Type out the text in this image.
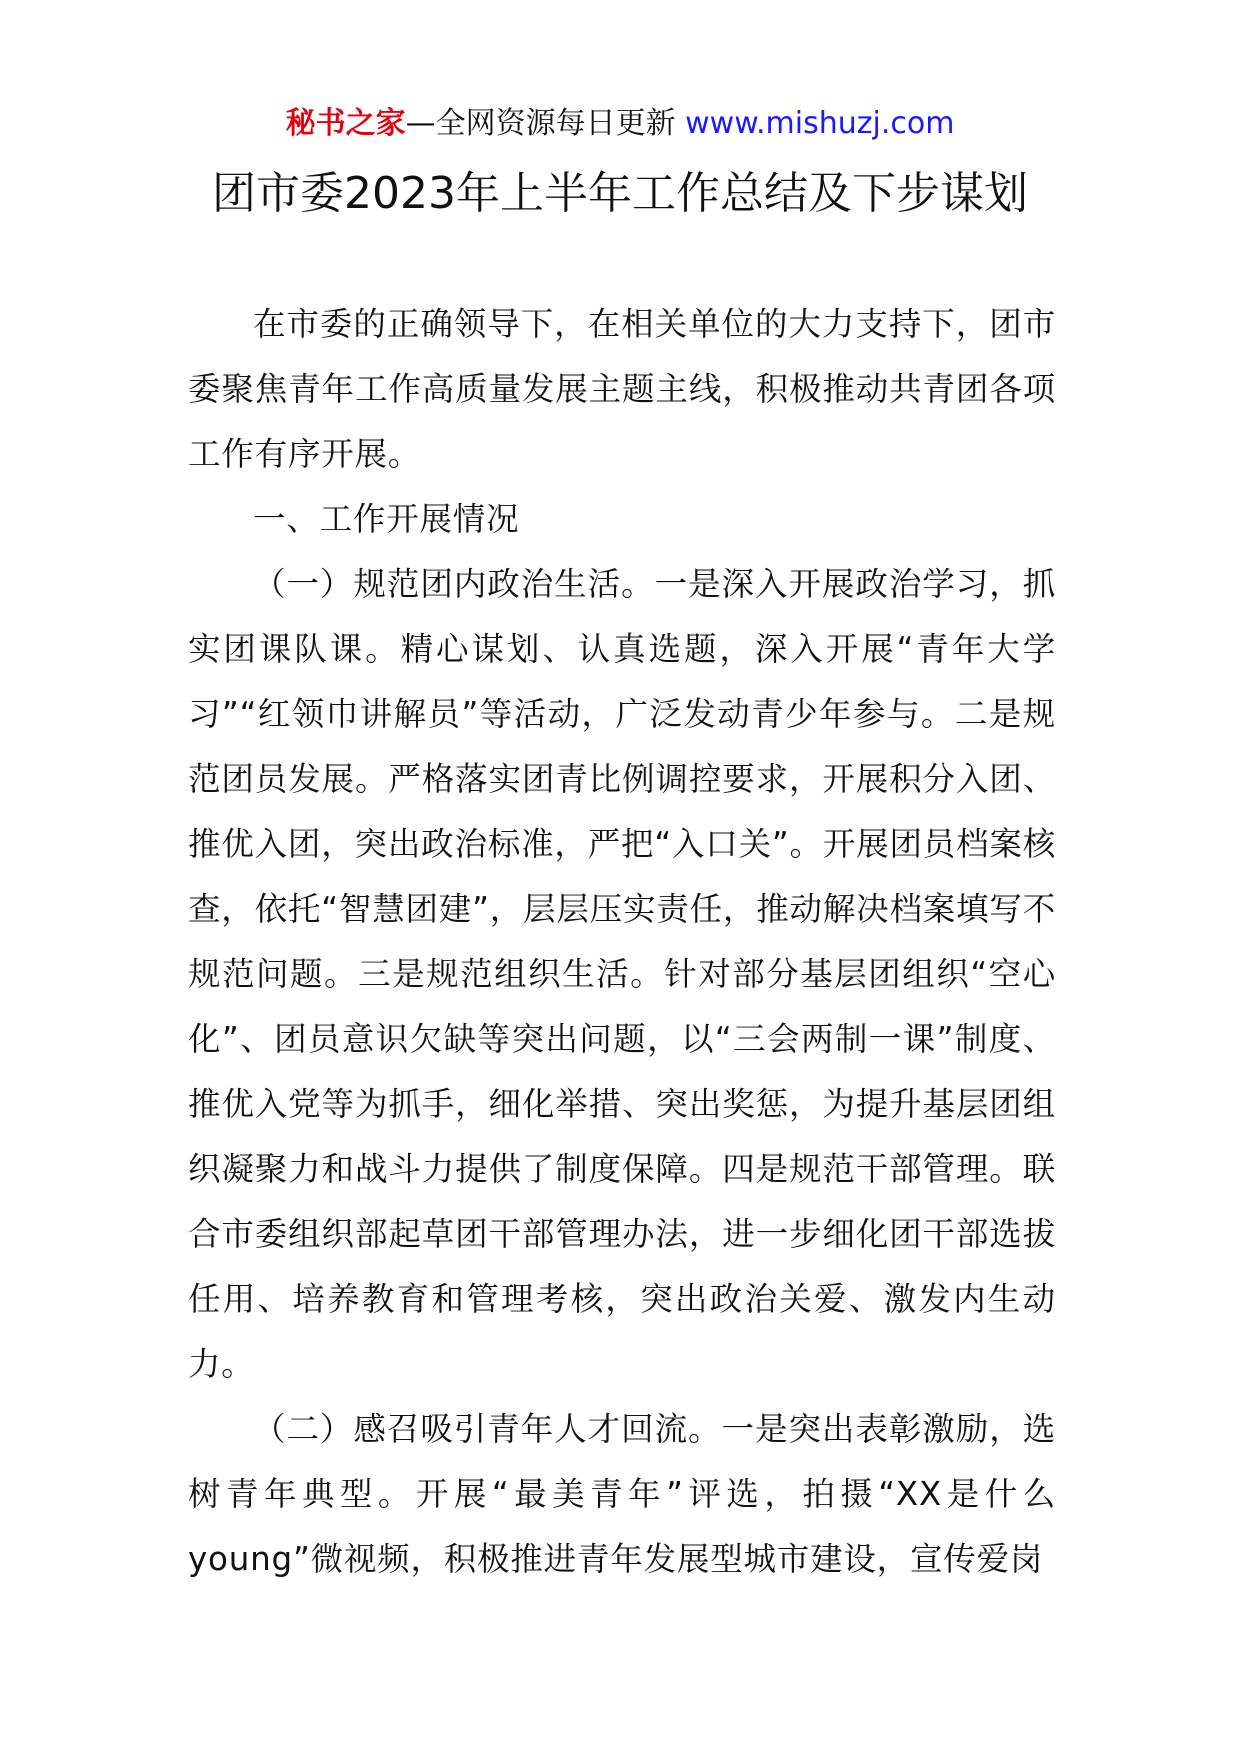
秘书之家—全网资源每日更新 www.mishuzj.com
团市委2023年上半年工作总结及下步谋划

在市委的正确领导下，在相关单位的大力支持下，团市委聚焦青年工作高质量发展主题主线，积极推动共青团各项工作有序开展。

一、工作开展情况

（一）规范团内政治生活。一是深入开展政治学习，抓实团课队课。精心谋划、认真选题，深入开展“青年大学习”“红领巾讲解员”等活动，广泛发动青少年参与。二是规范团员发展。严格落实团青比例调控要求，开展积分入团、推优入团，突出政治标准，严把“入口关”。开展团员档案核查，依托“智慧团建”，层层压实责任，推动解决档案填写不规范问题。三是规范组织生活。针对部分基层团组织“空心化”、团员意识欠缺等突出问题，以“三会两制一课”制度、推优入党等为抓手，细化举措、突出奖惩，为提升基层团组织凝聚力和战斗力提供了制度保障。四是规范干部管理。联合市委组织部起草团干部管理办法，进一步细化团干部选拔任用、培养教育和管理考核，突出政治关爱、激发内生动力。

（二）感召吸引青年人才回流。一是突出表彰激励，选树青年典型。开展“最美青年”评选，拍摄“XX是什么young”微视频，积极推进青年发展型城市建设，宣传爱岗
